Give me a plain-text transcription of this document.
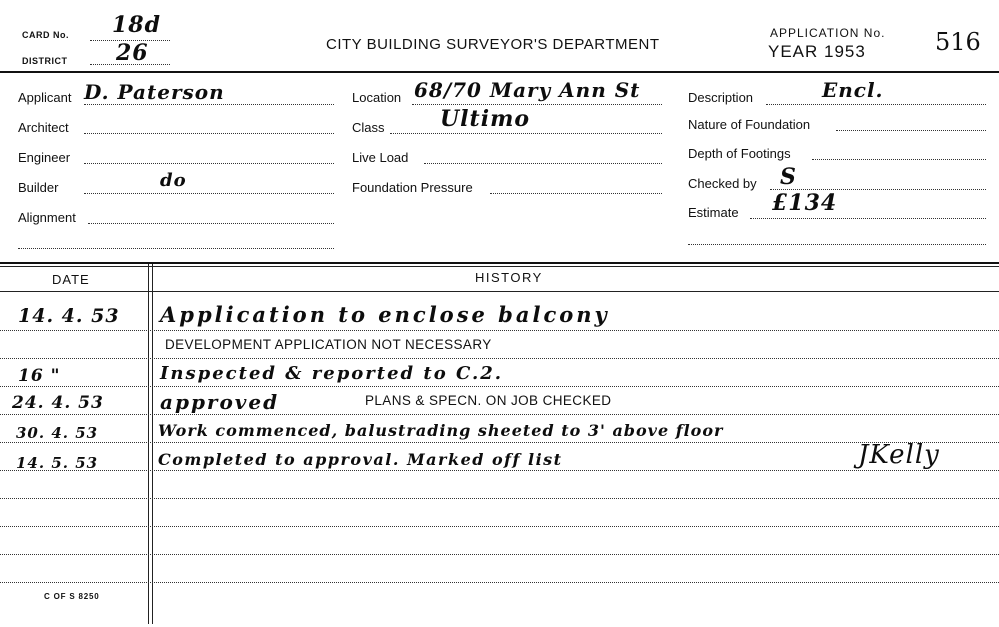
CARD No. 18d
DISTRICT 26	CITY BUILDING SURVEYOR'S DEPARTMENT
APPLICATION No.
YEAR 1953	516
Applicant D. Paterson
Architect
Engineer
Builder	do
Alignment
Location 68/70 Mary Ann St
Class	Ultimo
Live Load
Foundation Pressure
Description	Encl.
Nature of Foundation
Depth of Footings
Checked by S
Estimate £134
DATE	HISTORY
14. 4. 53 Application to enclose balcony
DEVELOPMENT APPLICATION NOT NECESSARY
16 "	Inspected & reported to C.2.
24. 4. 53	approved	PLANS & SPECN. ON JOB CHECKED
30. 4. 53	Work commenced, balustrading sheeted to 3' above floor
14. 5. 53	Completed to approval. Marked off list	JKelly
C OF S 8250
